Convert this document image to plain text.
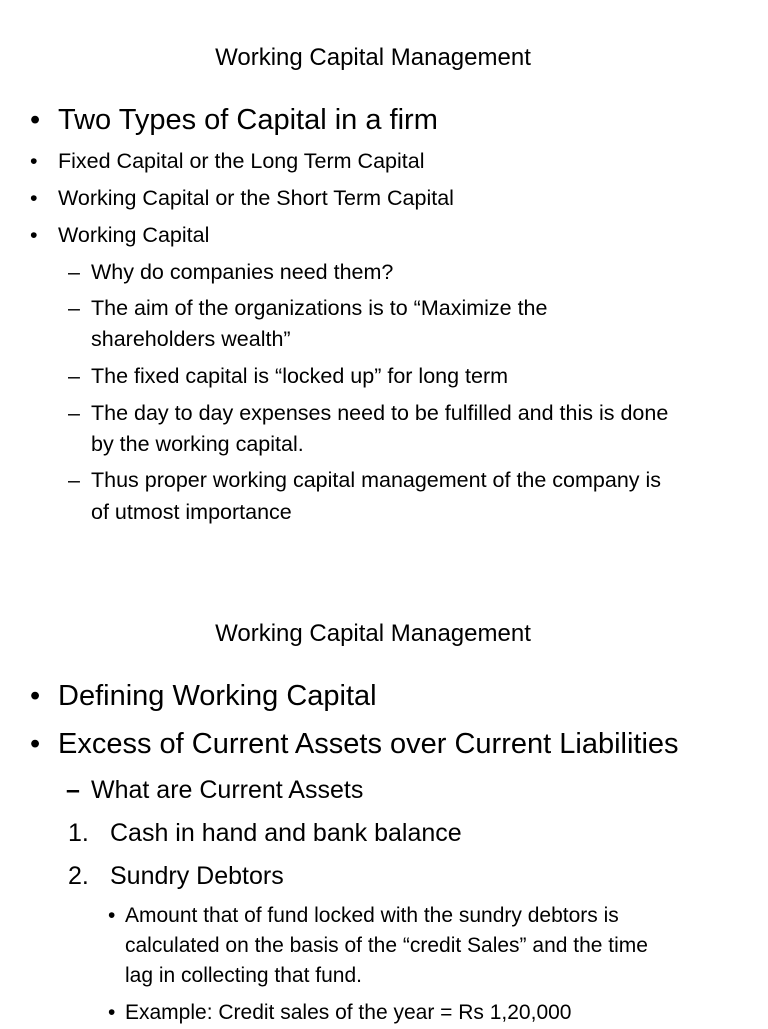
Working Capital Management
• Two Types of Capital in a firm
• Fixed Capital or the Long Term Capital
• Working Capital or the Short Term Capital
• Working Capital
– Why do companies need them?
– The aim of the organizations is to “Maximize the
shareholders wealth”
– The fixed capital is “locked up” for long term
– The day to day expenses need to be fulfilled and this is done
by the working capital.
– Thus proper working capital management of the company is
of utmost importance
Working Capital Management
• Defining Working Capital
• Excess of Current Assets over Current Liabilities
– What are Current Assets
1. Cash in hand and bank balance
2. Sundry Debtors
• Amount that of fund locked with the sundry debtors is
calculated on the basis of the “credit Sales” and the time
lag in collecting that fund.
• Example: Credit sales of the year = Rs 1,20,000
